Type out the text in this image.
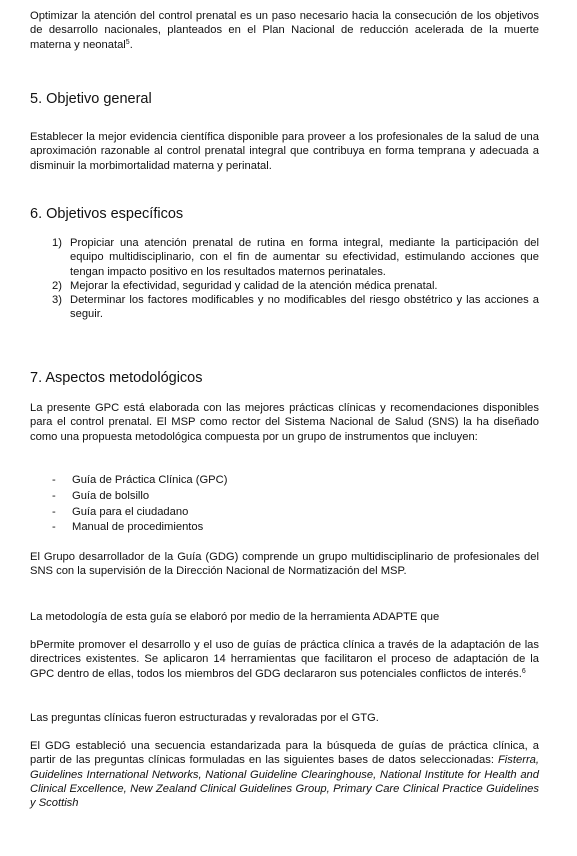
Optimizar la atención del control prenatal es un paso necesario hacia la consecución de los objetivos de desarrollo nacionales, planteados en el Plan Nacional de reducción acelerada de la muerte materna y neonatal$^5$.

5. Objetivo general

Establecer la mejor evidencia científica disponible para proveer a los profesionales de la salud de una aproximación razonable al control prenatal integral que contribuya en forma temprana y adecuada a disminuir la morbimortalidad materna y perinatal.

6. Objetivos específicos
1) Propiciar una atención prenatal de rutina en forma integral, mediante la participación del equipo multidisciplinario, con el fin de aumentar su efectividad, estimulando acciones que tengan impacto positivo en los resultados maternos perinatales.
2) Mejorar la efectividad, seguridad y calidad de la atención médica prenatal.
3) Determinar los factores modificables y no modificables del riesgo obstétrico y las acciones a seguir.
7. Aspectos metodológicos

La presente GPC está elaborada con las mejores prácticas clínicas y recomendaciones disponibles para el control prenatal. El MSP como rector del Sistema Nacional de Salud (SNS) la ha diseñado como una propuesta metodológica compuesta por un grupo de instrumentos que incluyen:

- Guía de Práctica Clínica (GPC)
- Guía de bolsillo
- Guía para el ciudadano
- Manual de procedimientos

El Grupo desarrollador de la Guía (GDG) comprende un grupo multidisciplinario de profesionales del SNS con la supervisión de la Dirección Nacional de Normatización del MSP.

La metodología de esta guía se elaboró por medio de la herramienta ADAPTE que

bPermite promover el desarrollo y el uso de guías de práctica clínica a través de la adaptación de las directrices existentes. Se aplicaron 14 herramientas que facilitaron el proceso de adaptación de la GPC dentro de ellas, todos los miembros del GDG declararon sus potenciales conflictos de interés.$^6$

Las preguntas clínicas fueron estructuradas y revaloradas por el GTG.

El GDG estableció una secuencia estandarizada para la búsqueda de guías de práctica clínica, a partir de las preguntas clínicas formuladas en las siguientes bases de datos seleccionadas: Fisterra, Guidelines International Networks, National Guideline Clearinghouse, National Institute for Health and Clinical Excellence, New Zealand Clinical Guidelines Group, Primary Care Clinical Practice Guidelines y Scottish
